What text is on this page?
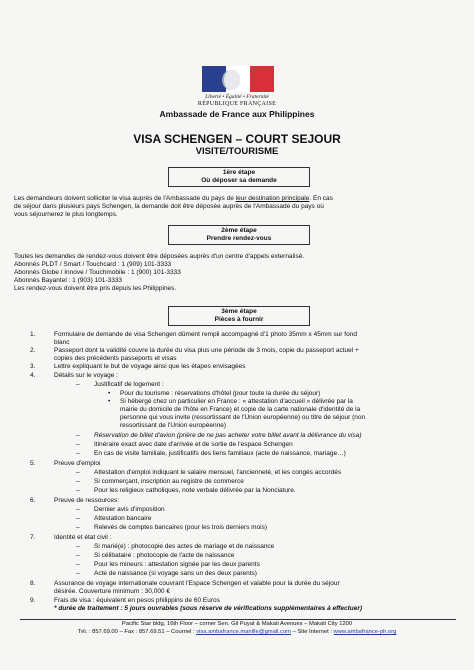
Liberté • Égalité • Fraternité
RÉPUBLIQUE FRANÇAISE
Ambassade de France aux Philippines
VISA SCHENGEN – COURT SEJOUR
VISITE/TOURISME
1ère étape
Où déposer sa demande
Les demandeurs doivent solliciter le visa auprès de l'Ambassade du pays de leur destination principale. En cas
de séjour dans plusieurs pays Schengen, la demande doit être déposée auprès de l'Ambassade du pays où
vous séjournerez le plus longtemps.
2ème étape
Prendre rendez-vous
Toutes les demandes de rendez-vous doivent être déposées auprès d'un centre d'appels externalisé.
Abonnés PLDT / Smart / Touchcard : 1 (909) 101-3333
Abonnés Globe / Innove / Touchmobile : 1 (900) 101-3333
Abonnés Bayantel : 1 (903) 101-3333
Les rendez-vous doivent être pris depuis les Philippines.
3ème étape
Pièces à fournir
1.	Formulaire de demande de visa Schengen dûment rempli accompagné d'1 photo 35mm x 45mm sur fond
blanc
2.	Passeport dont la validité couvre la durée du visa plus une période de 3 mois, copie du passeport actuel +
copies des précédents passeports et visas
3.	Lettre expliquant le but de voyage ainsi que les étapes envisagées
4.	Détails sur le voyage :
– Justificatif de logement :
• Pour du tourisme : réservations d'hôtel (pour toute la durée du séjour)
• Si hébergé chez un particulier en France : « attestation d'accueil » délivrée par la
mairie du domicile de l'hôte en France) et copie de la carte nationale d'identité de la
personne qui vous invite (ressortissant de l'Union européenne) ou titre de séjour (non
ressortissant de l'Union européenne)
– Réservation de billet d'avion (prière de ne pas acheter votre billet avant la délivrance du visa)
– Itinéraire exact avec date d'arrivée et de sortie de l'espace Schengen
– En cas de visite familiale, justificatifs des liens familiaux (acte de naissance, mariage…)
5.	Preuve d'emploi
– Attestation d'emploi indiquant le salaire mensuel, l'ancienneté, et les congés accordés
– Si commerçant, inscription au registre de commerce
– Pour les religieux catholiques, note verbale délivrée par la Nonciature.
6.	Preuve de ressources:
– Dernier avis d'imposition
– Attestation bancaire
– Relevés de comptes bancaires (pour les trois derniers mois)
7.	Identité et état civil :
– Si marié(e) : photocopie des actes de mariage et de naissance
– Si célibataire : photocopie de l'acte de naissance
– Pour les mineurs : attestation signée par les deux parents
– Acte de naissance (si voyage sans un des deux parents)
8.	Assurance de voyage internationale couvrant l'Espace Schengen et valable pour la durée du séjour
désirée. Couverture minimum : 30,000 €
9.	Frais de visa : équivalent en pesos philippins de 60 Euros
* durée de traitement : 5 jours ouvrables (sous réserve de vérifications supplémentaires à effectuer)
Pacific Star bldg, 16th Floor – corner Sen. Gil Puyat & Makati Avenues – Makati City 1200
Tél. : 857.69.00 – Fax : 857.69.51 – Courriel : visa.ambafrance.manille@gmail.com – Site Internet : www.ambafrance-ph.org
